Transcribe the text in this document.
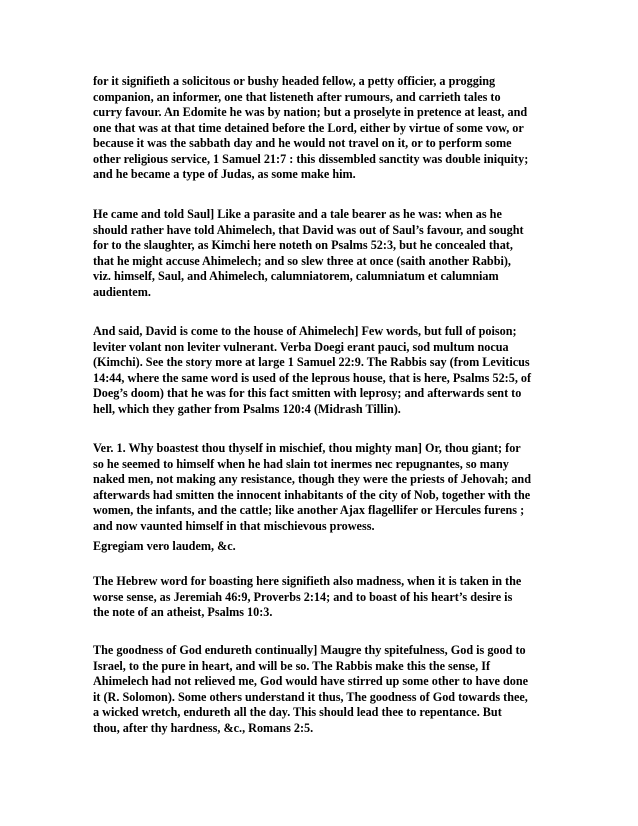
for it signifieth a solicitous or bushy headed fellow, a petty officier, a progging
companion, an informer, one that listeneth after rumours, and carrieth tales to
curry favour. An Edomite he was by nation; but a proselyte in pretence at least, and
one that was at that time detained before the Lord, either by virtue of some vow, or
because it was the sabbath day and he would not travel on it, or to perform some
other religious service, 1 Samuel 21:7 : this dissembled sanctity was double iniquity;
and he became a type of Judas, as some make him.

He came and told Saul] Like a parasite and a tale bearer as he was: when as he
should rather have told Ahimelech, that David was out of Saul’s favour, and sought
for to the slaughter, as Kimchi here noteth on Psalms 52:3, but he concealed that,
that he might accuse Ahimelech; and so slew three at once (saith another Rabbi),
viz. himself, Saul, and Ahimelech, calumniatorem, calumniatum et calumniam
audientem.

And said, David is come to the house of Ahimelech] Few words, but full of poison;
leviter volant non leviter vulnerant. Verba Doegi erant pauci, sod multum nocua
(Kimchi). See the story more at large 1 Samuel 22:9. The Rabbis say (from Leviticus
14:44, where the same word is used of the leprous house, that is here, Psalms 52:5, of
Doeg’s doom) that he was for this fact smitten with leprosy; and afterwards sent to
hell, which they gather from Psalms 120:4 (Midrash Tillin).

Ver. 1. Why boastest thou thyself in mischief, thou mighty man] Or, thou giant; for
so he seemed to himself when he had slain tot inermes nec repugnantes, so many
naked men, not making any resistance, though they were the priests of Jehovah; and
afterwards had smitten the innocent inhabitants of the city of Nob, together with the
women, the infants, and the cattle; like another Ajax flagellifer or Hercules furens ;
and now vaunted himself in that mischievous prowess.

Egregiam vero laudem, &c.

The Hebrew word for boasting here signifieth also madness, when it is taken in the
worse sense, as Jeremiah 46:9, Proverbs 2:14; and to boast of his heart’s desire is
the note of an atheist, Psalms 10:3.

The goodness of God endureth continually] Maugre thy spitefulness, God is good to
Israel, to the pure in heart, and will be so. The Rabbis make this the sense, If
Ahimelech had not relieved me, God would have stirred up some other to have done
it (R. Solomon). Some others understand it thus, The goodness of God towards thee,
a wicked wretch, endureth all the day. This should lead thee to repentance. But
thou, after thy hardness, &c., Romans 2:5.
